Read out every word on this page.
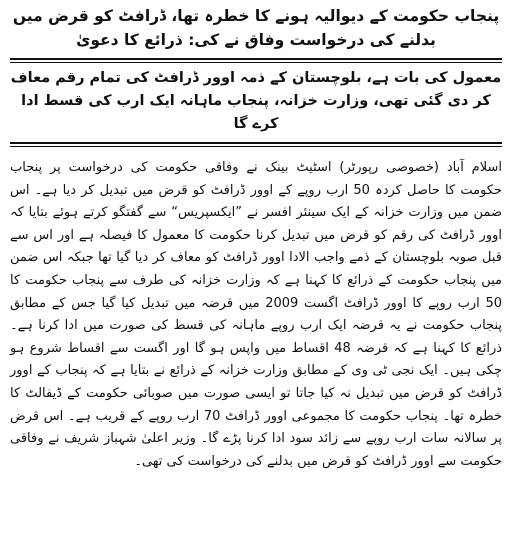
پنجاب حکومت کے دیوالیہ ہونے کا خطرہ تھا، ڈرافٹ کو قرض میں بدلنے کی درخواست وفاق نے کی: ذرائع کا دعویٰ
معمول کی بات ہے، بلوچستان کے ذمہ اوور ڈرافٹ کی تمام رقم معاف کر دی گئی تھی، وزارت خزانہ، پنجاب ماہانہ ایک ارب کی قسط ادا کرے گا

اسلام آباد (خصوصی رپورٹر) اسٹیٹ بینک نے وفاقی حکومت کی درخواست پر پنجاب حکومت کا حاصل کردہ 50 ارب روپے کے اوور ڈرافٹ کو قرض میں تبدیل کر دیا ہے۔ اس ضمن میں وزارت خزانہ کے ایک سینئر افسر نے ”ایکسپریس“ سے گفتگو کرتے ہوئے بتایا کہ اوور ڈرافٹ کی رقم کو قرض میں تبدیل کرنا حکومت کا معمول کا فیصلہ ہے اور اس سے قبل صوبہ بلوچستان کے ذمے واجب الادا اوور ڈرافٹ کو معاف کر دیا گیا تھا جبکہ اس ضمن میں پنجاب حکومت کے ذرائع کا کہنا ہے کہ وزارت خزانہ کی طرف سے پنجاب حکومت کا 50 ارب روپے کا اوور ڈرافٹ اگست 2009 میں قرضہ میں تبدیل کیا گیا جس کے مطابق پنجاب حکومت نے یہ قرضہ ایک ارب روپے ماہانہ کی قسط کی صورت میں ادا کرنا ہے۔ ذرائع کا کہنا ہے کہ قرضہ 48 اقساط میں واپس ہو گا اور اگست سے اقساط شروع ہو چکی ہیں۔ ایک نجی ٹی وی کے مطابق وزارت خزانہ کے ذرائع نے بتایا ہے کہ پنجاب کے اوور ڈرافٹ کو قرض میں تبدیل نہ کیا جاتا تو ایسی صورت میں صوبائی حکومت کے ڈیفالٹ کا خطرہ تھا۔ پنجاب حکومت کا مجموعی اوور ڈرافٹ 70 ارب روپے کے قریب ہے۔ اس قرض پر سالانہ سات ارب روپے سے زائد سود ادا کرنا پڑے گا۔ وزیر اعلیٰ شہباز شریف نے وفاقی حکومت سے اوور ڈرافٹ کو قرض میں بدلنے کی درخواست کی تھی۔
